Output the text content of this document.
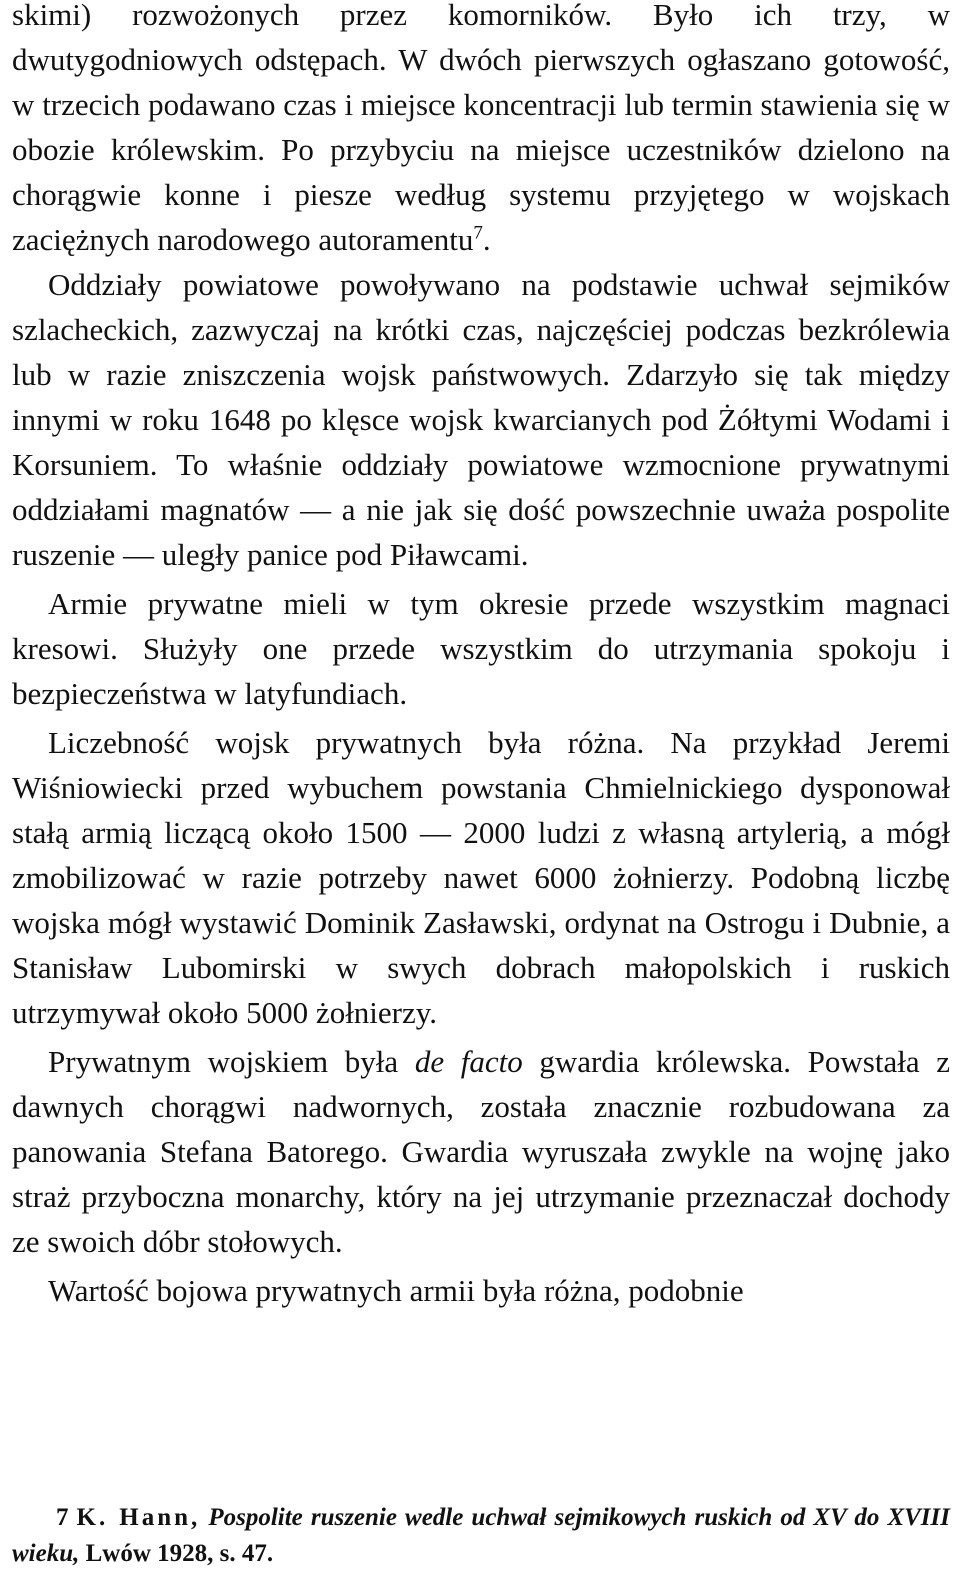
skimi) rozwożonych przez komorników. Było ich trzy, w dwutygodniowych odstępach. W dwóch pierwszych ogłaszano gotowość, w trzecich podawano czas i miejsce koncentracji lub termin stawienia się w obozie królewskim. Po przybyciu na miejsce uczestników dzielono na chorągwie konne i piesze według systemu przyjętego w wojskach zaciężnych narodowego autoramentu$^7$.

Oddziały powiatowe powoływano na podstawie uchwał sejmików szlacheckich, zazwyczaj na krótki czas, najczęściej podczas bezkrólewia lub w razie zniszczenia wojsk państwowych. Zdarzyło się tak między innymi w roku 1648 po klęsce wojsk kwarcianych pod Żółtymi Wodami i Korsuniem. To właśnie oddziały powiatowe wzmocnione prywatnymi oddziałami magnatów — a nie jak się dość powszechnie uważa pospolite ruszenie — uległy panice pod Piławcami.

Armie prywatne mieli w tym okresie przede wszystkim magnaci kresowi. Służyły one przede wszystkim do utrzymania spokoju i bezpieczeństwa w latyfundiach.

Liczebność wojsk prywatnych była różna. Na przykład Jeremi Wiśniowiecki przed wybuchem powstania Chmielnickiego dysponował stałą armią liczącą około 1500 — 2000 ludzi z własną artylerią, a mógł zmobilizować w razie potrzeby nawet 6000 żołnierzy. Podobną liczbę wojska mógł wystawić Dominik Zasławski, ordynat na Ostrogu i Dubnie, a Stanisław Lubomirski w swych dobrach małopolskich i ruskich utrzymywał około 5000 żołnierzy.

Prywatnym wojskiem była de facto gwardia królewska. Powstała z dawnych chorągwi nadwornych, została znacznie rozbudowana za panowania Stefana Batorego. Gwardia wyruszała zwykle na wojnę jako straż przyboczna monarchy, który na jej utrzymanie przeznaczał dochody ze swoich dóbr stołowych.

Wartość bojowa prywatnych armii była różna, podobnie

7 K. Hann, Pospolite ruszenie wedle uchwał sejmikowych ruskich od XV do XVIII wieku, Lwów 1928, s. 47.
